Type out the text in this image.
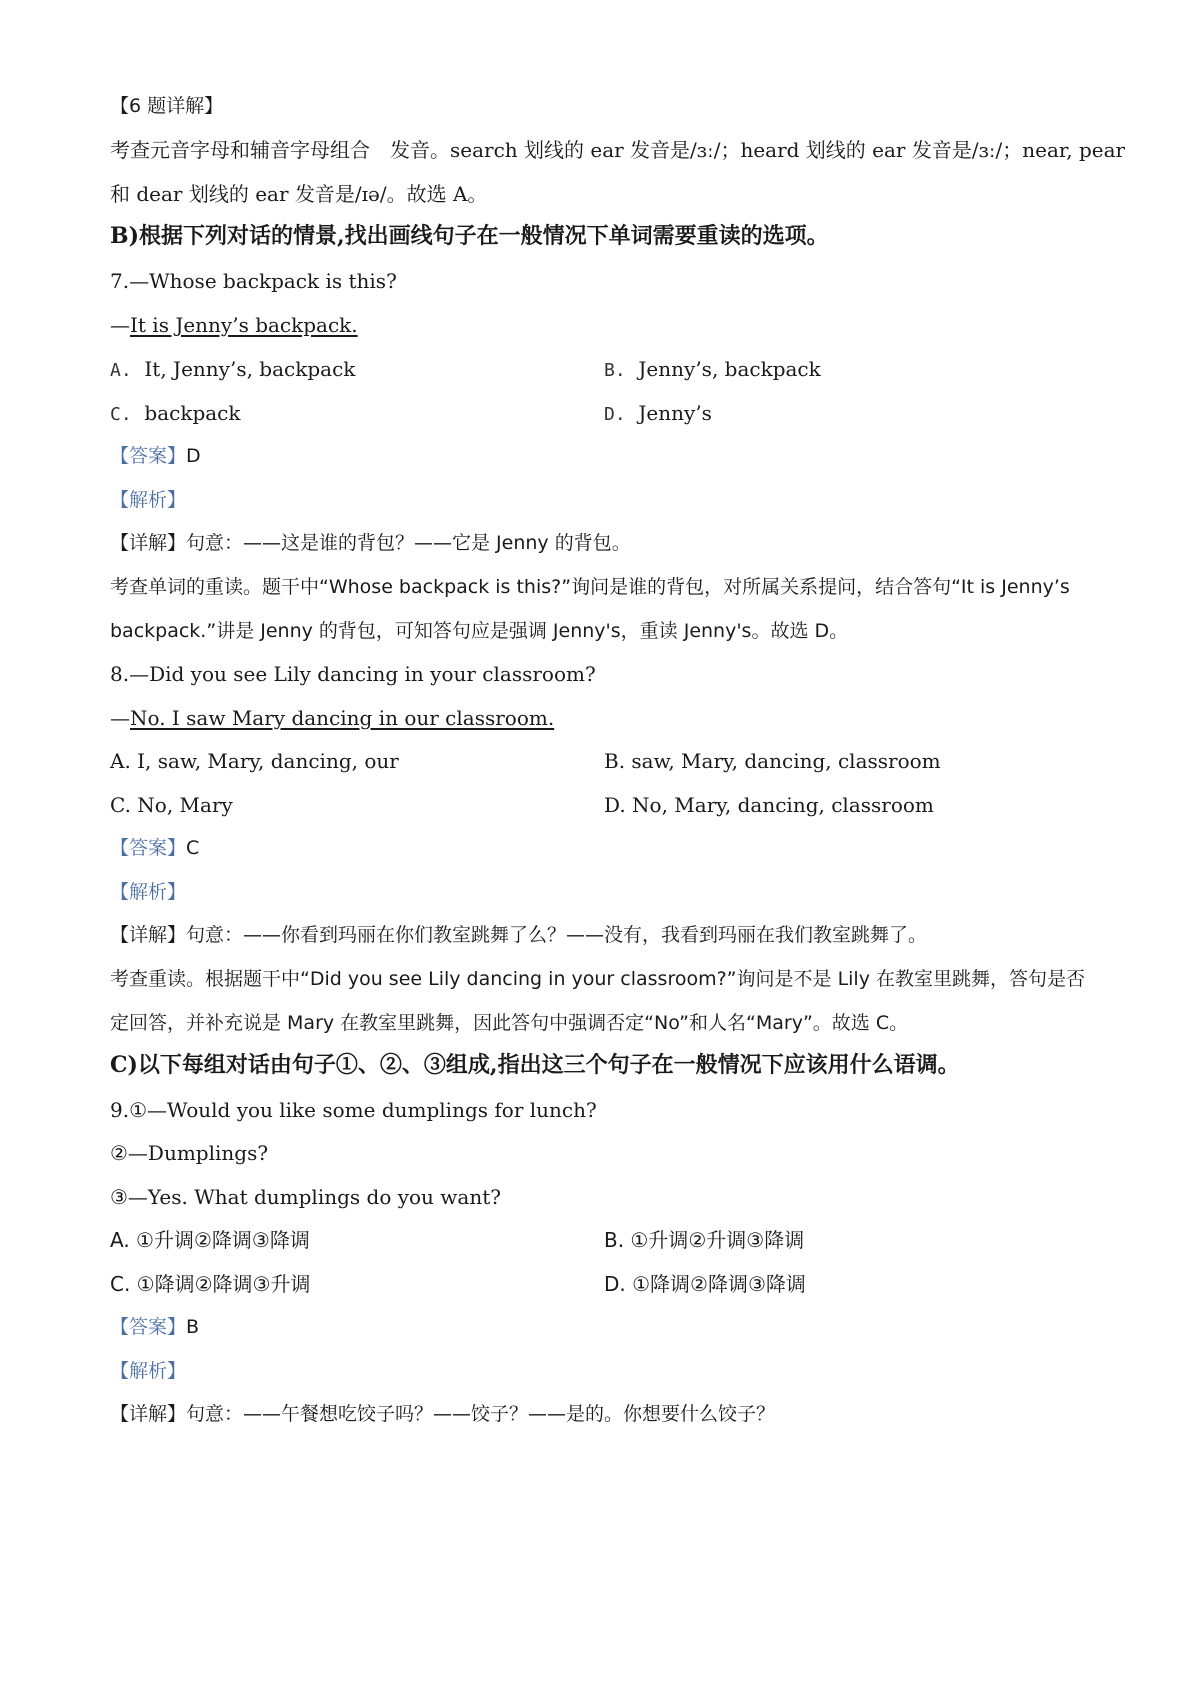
【6 题详解】
考查元音字母和辅音字母组合　发音。search 划线的 ear 发音是/ɜː/；heard 划线的 ear 发音是/ɜː/；near, pear
和 dear 划线的 ear 发音是/ɪə/。故选 A。
B)根据下列对话的情景,找出画线句子在一般情况下单词需要重读的选项。
7.—Whose backpack is this?
—It is Jenny’s backpack.
A. It, Jenny’s, backpack	B. Jenny’s, backpack
C. backpack	D. Jenny’s
【答案】D
【解析】
【详解】句意：——这是谁的背包？——它是 Jenny 的背包。
考查单词的重读。题干中“Whose backpack is this?”询问是谁的背包，对所属关系提问，结合答句“It is Jenny’s
backpack.”讲是 Jenny 的背包，可知答句应是强调 Jenny's，重读 Jenny's。故选 D。
8.—Did you see Lily dancing in your classroom?
—No. I saw Mary dancing in our classroom.
A. I, saw, Mary, dancing, our	B. saw, Mary, dancing, classroom
C. No, Mary	D. No, Mary, dancing, classroom
【答案】C
【解析】
【详解】句意：——你看到玛丽在你们教室跳舞了么？——没有，我看到玛丽在我们教室跳舞了。
考查重读。根据题干中“Did you see Lily dancing in your classroom?”询问是不是 Lily 在教室里跳舞，答句是否
定回答，并补充说是 Mary 在教室里跳舞，因此答句中强调否定“No”和人名“Mary”。故选 C。
C)以下每组对话由句子①、②、③组成,指出这三个句子在一般情况下应该用什么语调。
9.①—Would you like some dumplings for lunch?
②—Dumplings?
③—Yes. What dumplings do you want?
A. ①升调②降调③降调	B. ①升调②升调③降调
C. ①降调②降调③升调	D. ①降调②降调③降调
【答案】B
【解析】
【详解】句意：——午餐想吃饺子吗？——饺子？——是的。你想要什么饺子？
